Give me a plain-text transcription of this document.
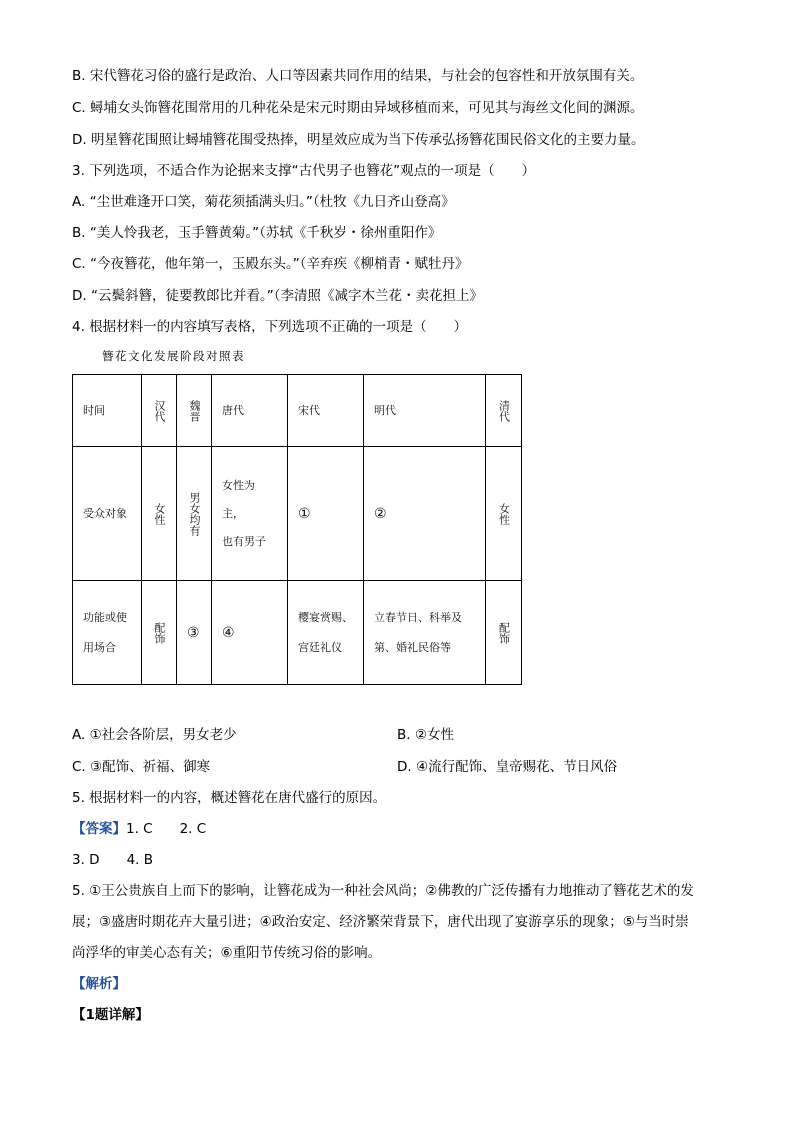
B. 宋代簪花习俗的盛行是政治、人口等因素共同作用的结果，与社会的包容性和开放氛围有关。
C. 蟳埔女头饰簪花围常用的几种花朵是宋元时期由异域移植而来，可见其与海丝文化间的渊源。
D. 明星簪花围照让蟳埔簪花围受热捧，明星效应成为当下传承弘扬簪花围民俗文化的主要力量。
3. 下列选项，不适合作为论据来支撑“古代男子也簪花”观点的一项是（　　）
A. “尘世难逢开口笑，菊花须插满头归。”（杜牧《九日齐山登高》
B. “美人怜我老，玉手簪黄菊。”（苏轼《千秋岁・徐州重阳作》
C. “今夜簪花，他年第一，玉殿东头。”（辛弃疾《柳梢青・赋牡丹》
D. “云鬓斜簪，徒要教郎比并看。”（李清照《减字木兰花・卖花担上》
4. 根据材料一的内容填写表格，下列选项不正确的一项是（　　）
簪花文化发展阶段对照表
时间	汉代	魏晋	唐代	宋代	明代	清代

受众对象	女性	男女均有	女性为
主，
也有男子	①	②	女性

功能或使用场合	配饰	③	④	樱宴赏赐、宫廷礼仪	立春节日、科举及第、婚礼民俗等	配饰
A. ①社会各阶层，男女老少	B. ②女性
C. ③配饰、祈福、御寒	D. ④流行配饰、皇帝赐花、节日风俗
5. 根据材料一的内容，概述簪花在唐代盛行的原因。
【答案】1. C　　2. C
3. D　　4. B
5. ①王公贵族自上而下的影响，让簪花成为一种社会风尚；②佛教的广泛传播有力地推动了簪花艺术的发
展；③盛唐时期花卉大量引进；④政治安定、经济繁荣背景下，唐代出现了宴游享乐的现象；⑤与当时崇
尚浮华的审美心态有关；⑥重阳节传统习俗的影响。
【解析】
【1题详解】
